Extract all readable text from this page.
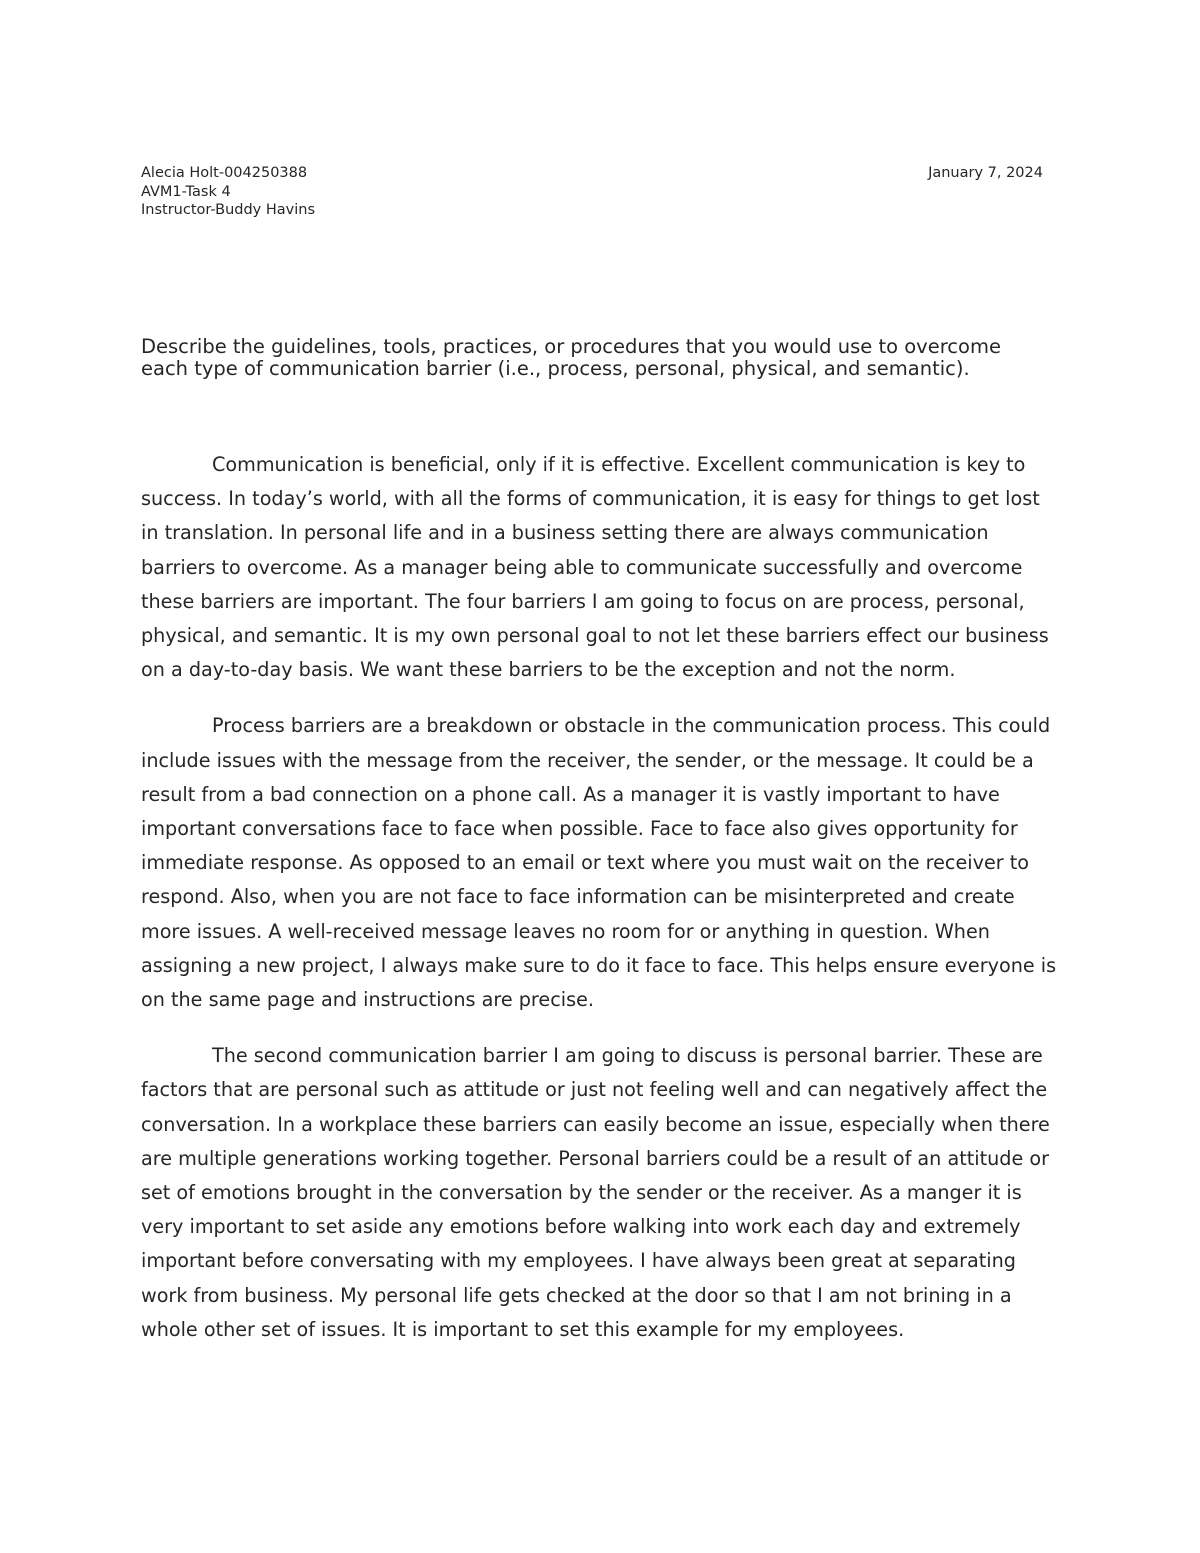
Alecia Holt-004250388
AVM1-Task 4
Instructor-Buddy Havins
January 7, 2024

Describe the guidelines, tools, practices, or procedures that you would use to overcome each type of communication barrier (i.e., process, personal, physical, and semantic).

Communication is beneficial, only if it is effective. Excellent communication is key to success. In today’s world, with all the forms of communication, it is easy for things to get lost in translation. In personal life and in a business setting there are always communication barriers to overcome. As a manager being able to communicate successfully and overcome these barriers are important. The four barriers I am going to focus on are process, personal, physical, and semantic. It is my own personal goal to not let these barriers effect our business on a day-to-day basis. We want these barriers to be the exception and not the norm.

Process barriers are a breakdown or obstacle in the communication process. This could include issues with the message from the receiver, the sender, or the message. It could be a result from a bad connection on a phone call. As a manager it is vastly important to have important conversations face to face when possible. Face to face also gives opportunity for immediate response. As opposed to an email or text where you must wait on the receiver to respond. Also, when you are not face to face information can be misinterpreted and create more issues. A well-received message leaves no room for or anything in question. When assigning a new project, I always make sure to do it face to face. This helps ensure everyone is on the same page and instructions are precise.

The second communication barrier I am going to discuss is personal barrier. These are factors that are personal such as attitude or just not feeling well and can negatively affect the conversation. In a workplace these barriers can easily become an issue, especially when there are multiple generations working together. Personal barriers could be a result of an attitude or set of emotions brought in the conversation by the sender or the receiver. As a manger it is very important to set aside any emotions before walking into work each day and extremely important before conversating with my employees. I have always been great at separating work from business. My personal life gets checked at the door so that I am not brining in a whole other set of issues. It is important to set this example for my employees.
